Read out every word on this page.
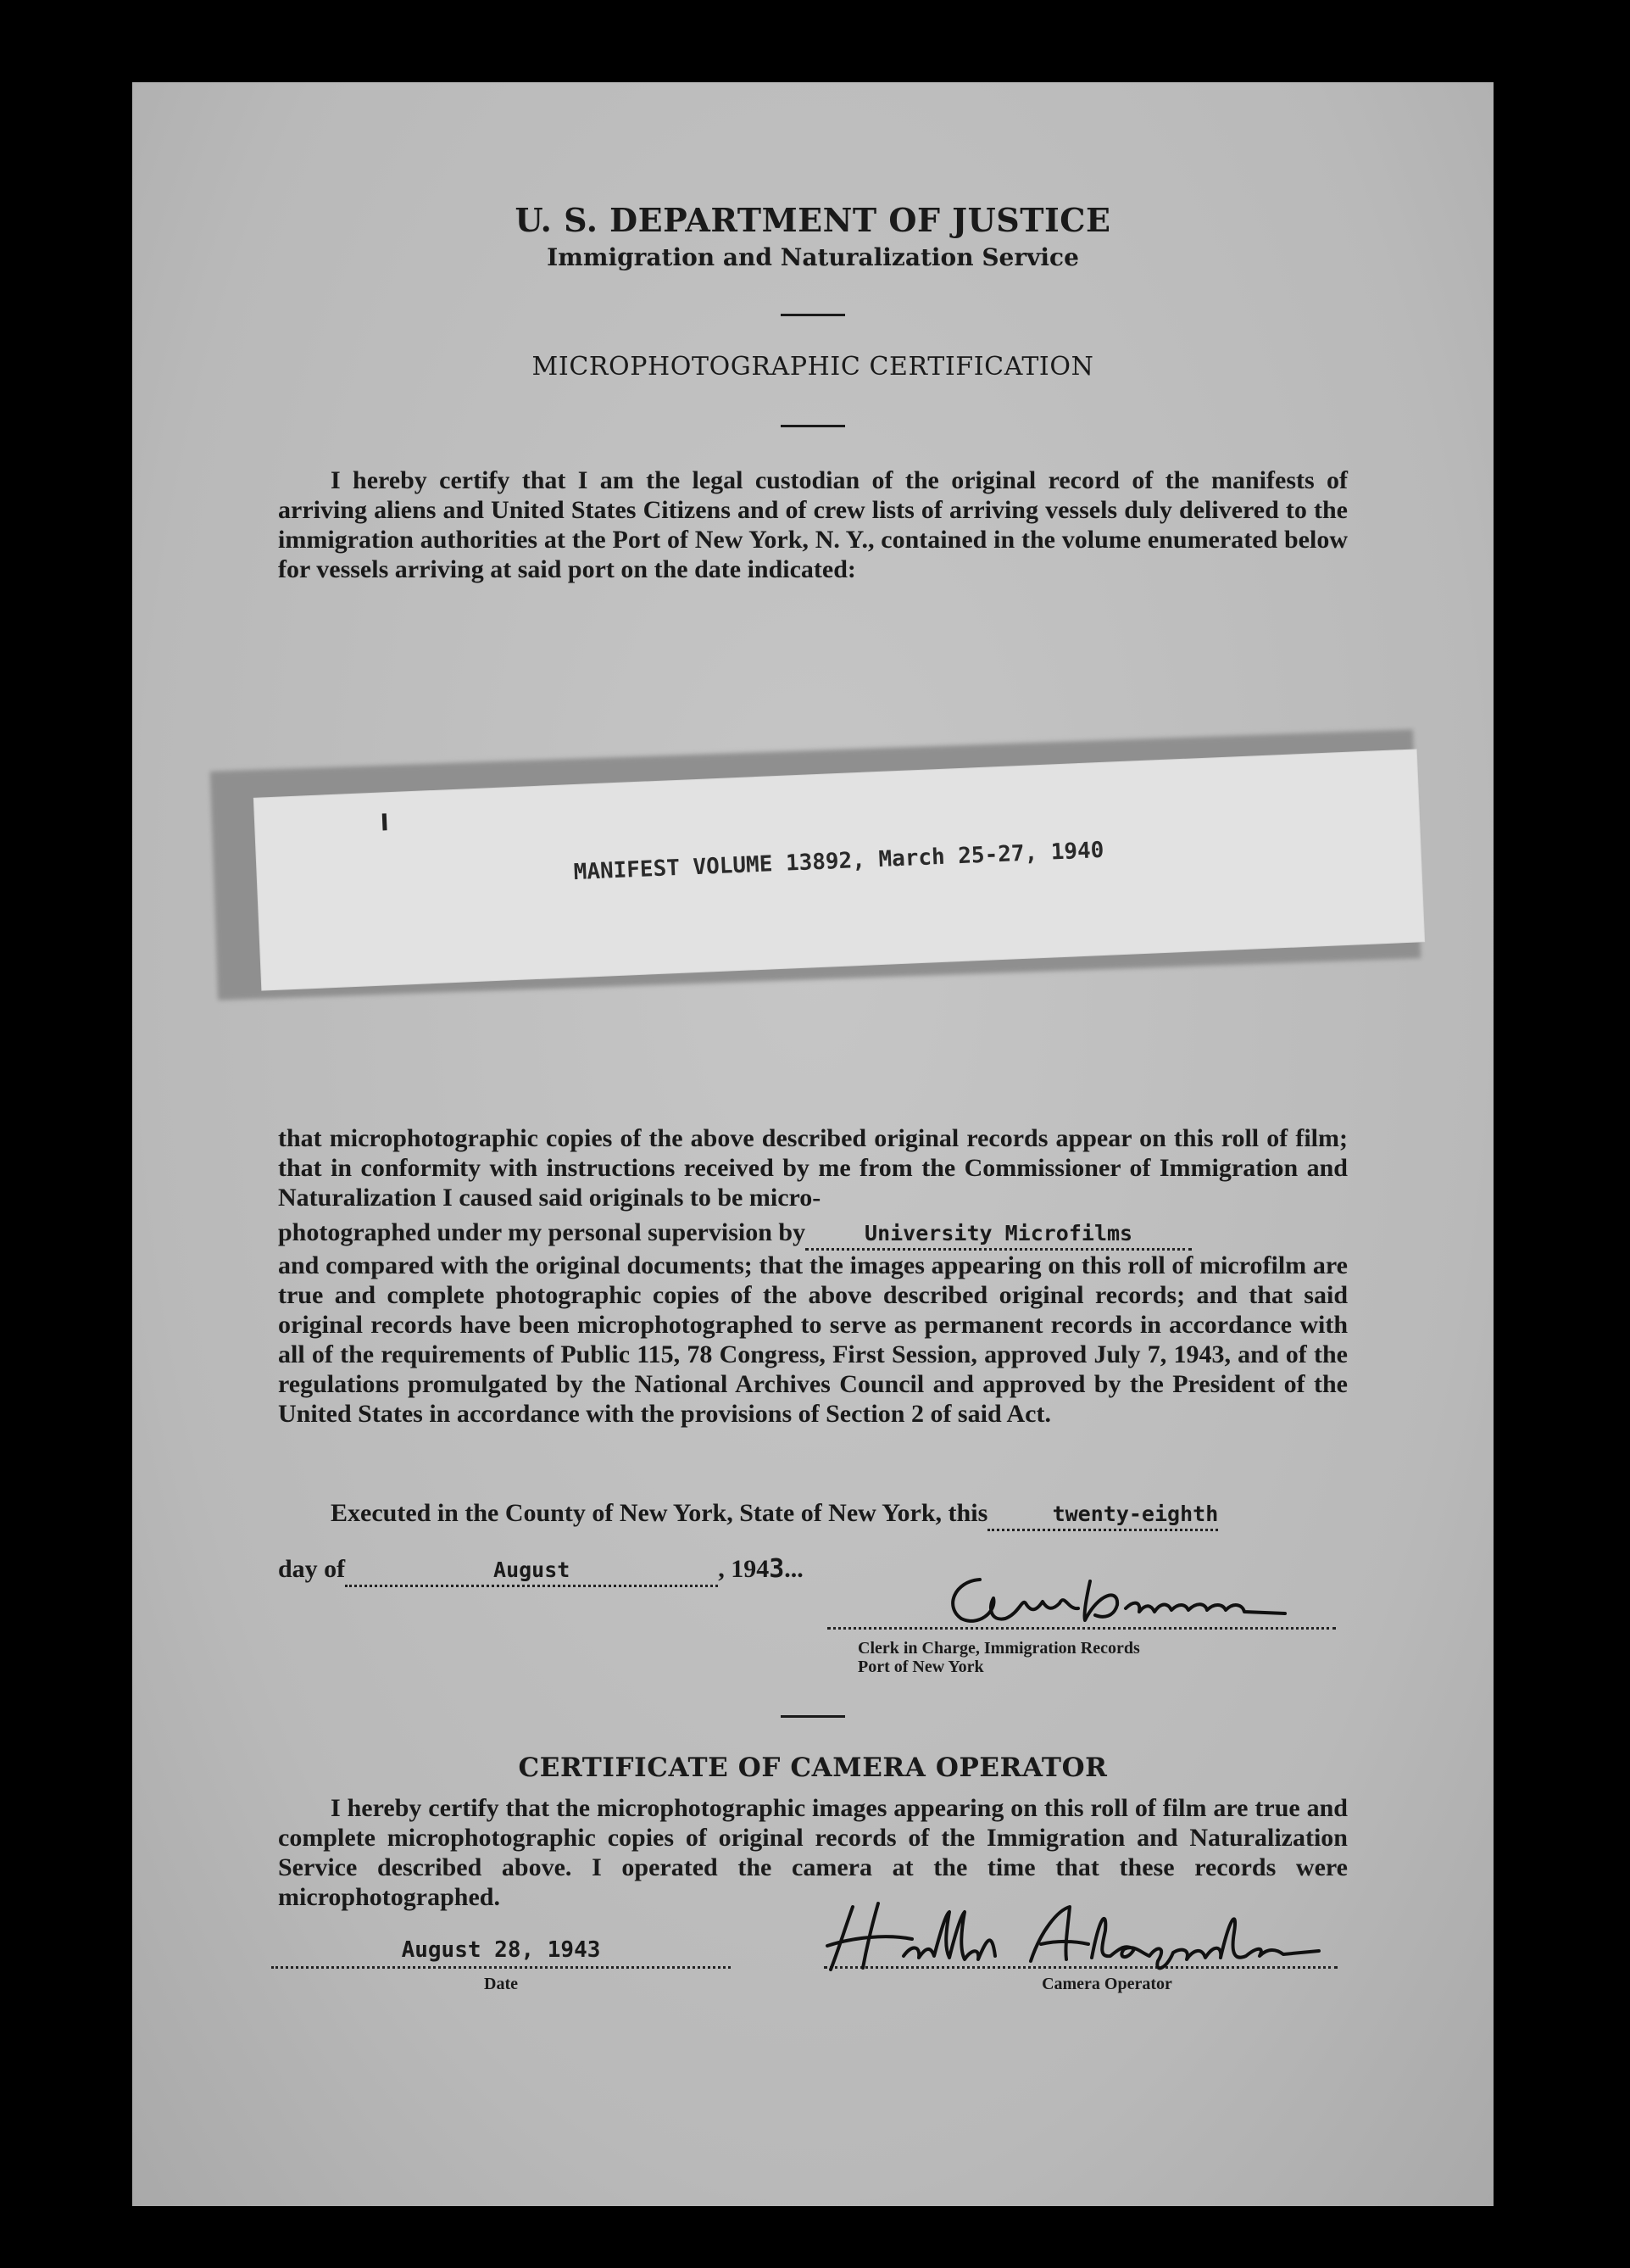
U. S. DEPARTMENT OF JUSTICE
Immigration and Naturalization Service
MICROPHOTOGRAPHIC CERTIFICATION

I hereby certify that I am the legal custodian of the original record of the manifests of arriving aliens and United States Citizens and of crew lists of arriving vessels duly delivered to the immigration authorities at the Port of New York, N. Y., contained in the volume enumerated below for vessels arriving at said port on the date indicated:

MANIFEST VOLUME 13892, March 25-27, 1940

that microphotographic copies of the above described original records appear on this roll of film; that in conformity with instructions received by me from the Commissioner of Immigration and Naturalization I caused said originals to be micro-

photographed under my personal supervision by	University Microfilms

and compared with the original documents; that the images appearing on this roll of microfilm are true and complete photographic copies of the above described original records; and that said original records have been microphotographed to serve as permanent records in accordance with all of the requirements of Public 115, 78 Congress, First Session, approved July 7, 1943, and of the regulations promulgated by the National Archives Council and approved by the President of the United States in accordance with the provisions of Section 2 of said Act.

Executed in the County of New York, State of New York, this	twenty-eighth

day of	August	, 1943...
Clerk in Charge, Immigration Records
Port of New York
CERTIFICATE OF CAMERA OPERATOR

I hereby certify that the microphotographic images appearing on this roll of film are true and complete microphotographic copies of original records of the Immigration and Naturalization Service described above. I operated the camera at the time that these records were microphotographed.

August 28, 1943
Date	Camera Operator
